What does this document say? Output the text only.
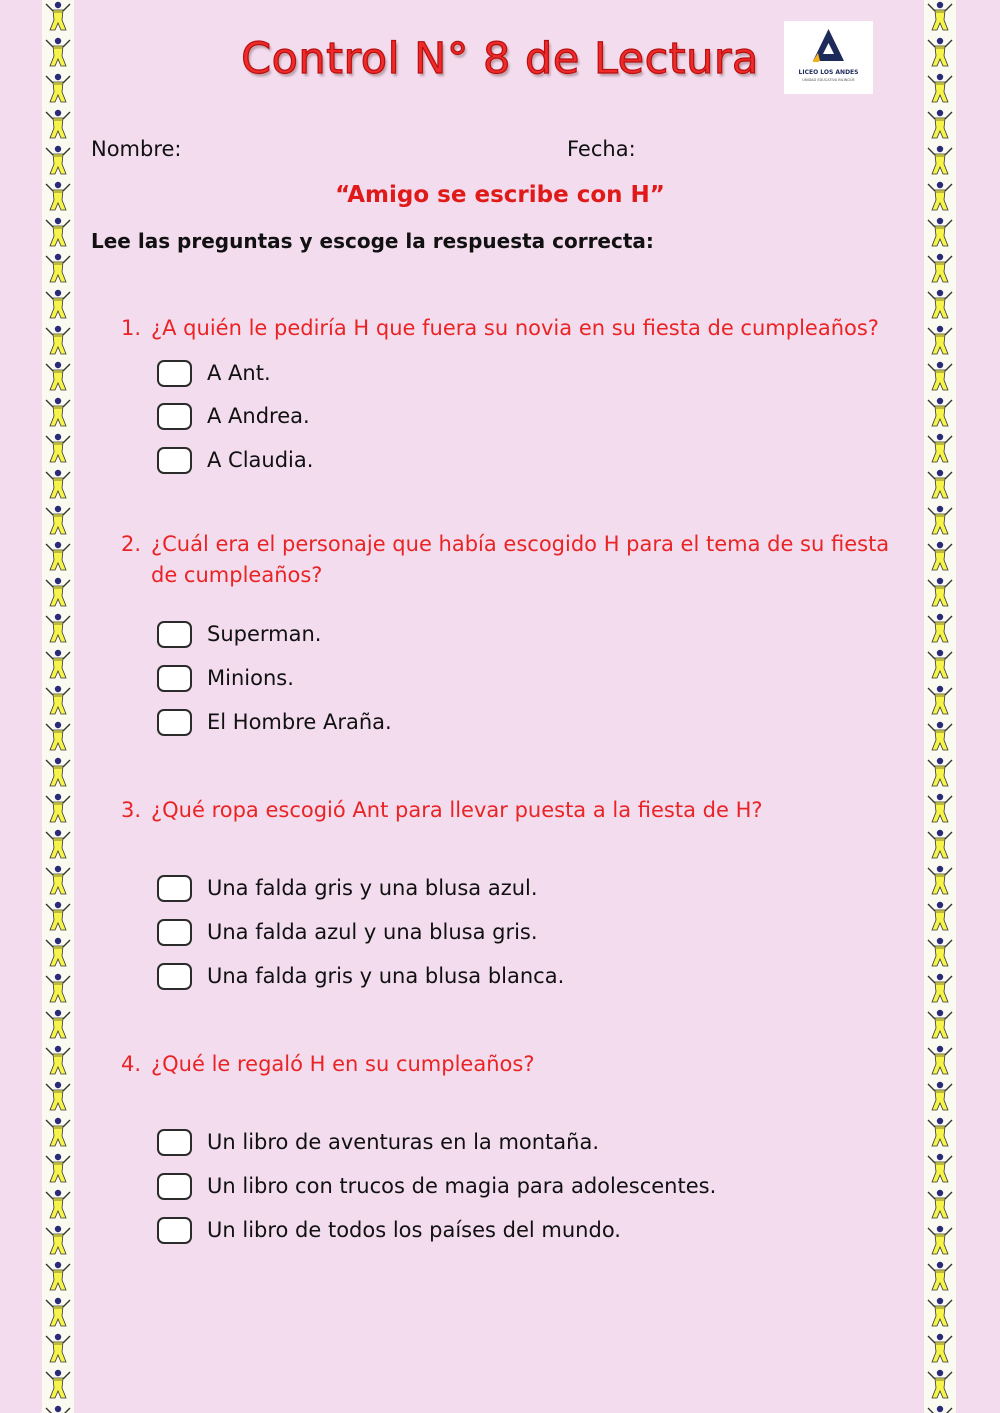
Control N° 8 de Lectura	LICEO LOS ANDES
UNIDAD EDUCATIVA BILINGÜE
Nombre:	Fecha:
“Amigo se escribe con H”
Lee las preguntas y escoge la respuesta correcta:
1. ¿A quién le pediría H que fuera su novia en su fiesta de cumpleaños?
A Ant.
A Andrea.
A Claudia.
2. ¿Cuál era el personaje que había escogido H para el tema de su fiesta de cumpleaños?
Superman.
Minions.
El Hombre Araña.
3. ¿Qué ropa escogió Ant para llevar puesta a la fiesta de H?
Una falda gris y una blusa azul.
Una falda azul y una blusa gris.
Una falda gris y una blusa blanca.
4. ¿Qué le regaló H en su cumpleaños?
Un libro de aventuras en la montaña.
Un libro con trucos de magia para adolescentes.
Un libro de todos los países del mundo.
